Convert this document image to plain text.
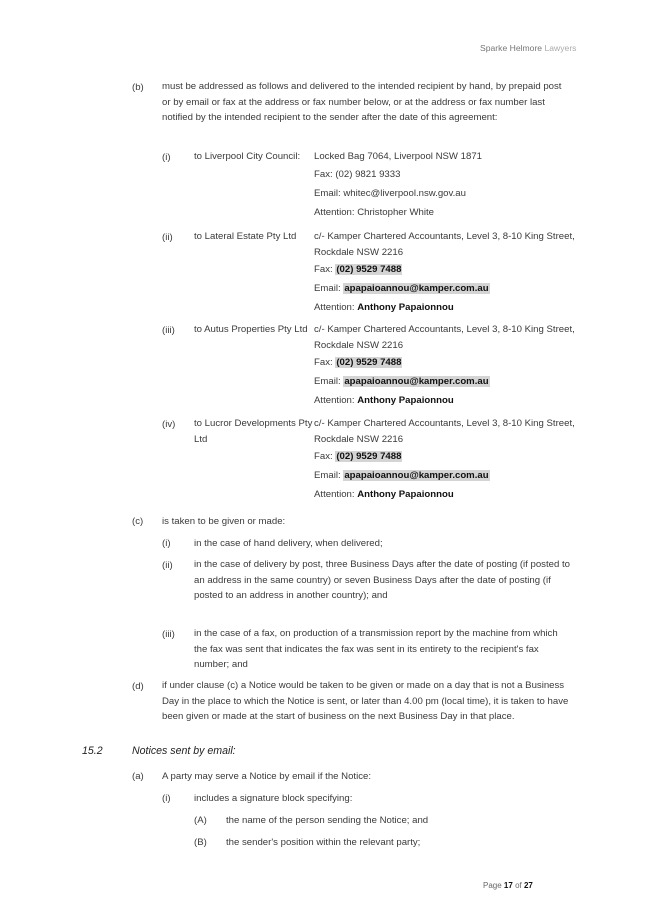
Sparke Helmore Lawyers
(b) must be addressed as follows and delivered to the intended recipient by hand, by prepaid post or by email or fax at the address or fax number below, or at the address or fax number last notified by the intended recipient to the sender after the date of this agreement:

(i) to Liverpool City Council: Locked Bag 7064, Liverpool NSW 1871

Fax: (02) 9821 9333
Email: whitec@liverpool.nsw.gov.au
Attention: Christopher White
(ii) to Lateral Estate Pty Ltd	c/- Kamper Chartered Accountants, Level 3, 8-10 King Street, Rockdale NSW 2216

Fax: (02) 9529 7488
Email: apapaioannou@kamper.com.au
Attention: Anthony Papaionnou
(iii) to Autus Properties Pty Ltd c/- Kamper Chartered Accountants, Level 3, 8-10 King Street, Rockdale NSW 2216

Fax: (02) 9529 7488
Email: apapaioannou@kamper.com.au
Attention: Anthony Papaionnou
(iv) to Lucror Developments Pty Ltd

c/- Kamper Chartered Accountants, Level 3, 8-10 King Street, Rockdale NSW 2216

Fax: (02) 9529 7488
Email: apapaioannou@kamper.com.au
Attention: Anthony Papaionnou
(c) is taken to be given or made:
(i) in the case of hand delivery, when delivered;
(ii) in the case of delivery by post, three Business Days after the date of posting (if posted to an address in the same country) or seven Business Days after the date of posting (if posted to an address in another country); and

(iii) in the case of a fax, on production of a transmission report by the machine from which the fax was sent that indicates the fax was sent in its entirety to the recipient's fax number; and

(d) if under clause (c) a Notice would be taken to be given or made on a day that is not a Business Day in the place to which the Notice is sent, or later than 4.00 pm (local time), it is taken to have been given or made at the start of business on the next Business Day in that place.

15.2	Notices sent by email:
(a) A party may serve a Notice by email if the Notice:
(i) includes a signature block specifying:
(A) the name of the person sending the Notice; and
(B) the sender's position within the relevant party;
Page 17 of 27
